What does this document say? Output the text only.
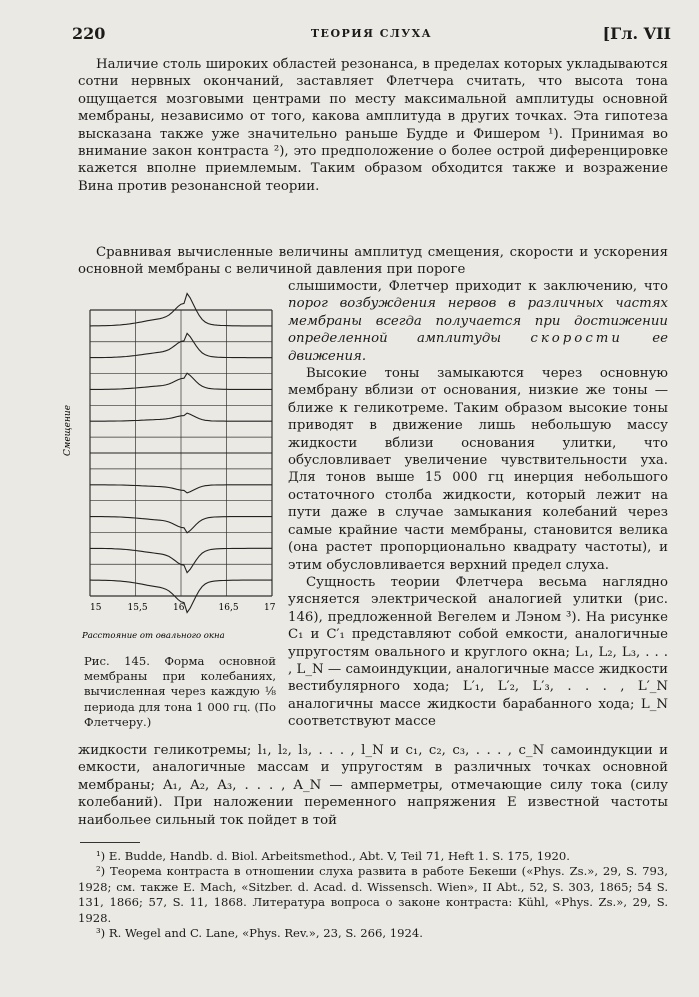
220	ТЕОРИЯ СЛУХА	[Гл. VII

Наличие столь широких областей резонанса, в пределах которых укладываются сотни нервных окончаний, заставляет Флетчера считать, что высота тона ощущается мозговыми центрами по месту максимальной амплитуды основной мембраны, независимо от того, какова амплитуда в других точках. Эта гипотеза высказана также уже значительно раньше Будде и Фишером ¹). Принимая во внимание закон контраста ²), это предположение о более острой диференцировке кажется вполне приемлемым. Таким образом обходится также и возражение Вина против резонансной теории.

Сравнивая вычисленные величины амплитуд смещения, скорости и ускорения основной мембраны с величиной давления при пороге

слышимости, Флетчер приходит к заключению, что порог возбуждения нервов в различных частях мембраны всегда получается при достижении определенной амплитуды скорости ее движения.

Высокие тоны замыкаются через основную мембрану вблизи от основания, низкие же тоны — ближе к геликотреме. Таким образом высокие тоны приводят в движение лишь небольшую массу жидкости вблизи основания улитки, что обусловливает увеличение чувствительности уха. Для тонов выше 15 000 гц инерция небольшого остаточного столба жидкости, который лежит на пути даже в случае замыкания колебаний через самые крайние части мембраны, становится велика (она растет пропорционально квадрату частоты), и этим обусловливается верхний предел слуха.

Сущность теории Флетчера весьма наглядно уясняется электрической аналогией улитки (рис. 146), предложенной Вегелем и Лэном ³). На рисунке C₁ и C′₁ представляют собой емкости, аналогичные упругостям овального и круглого окна; L₁, L₂, L₃, . . . , L_N — самоиндукции, аналогичные массе жидкости вестибулярного хода; L′₁, L′₂, L′₃, . . . , L′_N аналогичны массе жидкости барабанного хода; L_N соответствуют массе

Смещение
15	15,5	16	16,5	17
Расстояние от овального окна
Рис. 145. Форма основной мембраны при колебаниях, вычисленная через каждую ⅛ периода для тона 1 000 гц. (По Флетчеру.)
жидкости геликотремы; l₁, l₂, l₃, . . . , l_N и c₁, c₂, c₃, . . . , c_N самоиндукции и емкости, аналогичные массам и упругостям в различных точках основной мембраны; A₁, A₂, A₃, . . . , A_N — амперметры, отмечающие силу тока (силу колебаний). При наложении переменного напряжения E известной частоты наибольее сильный ток пойдет в той
¹) E. Budde, Handb. d. Biol. Arbeitsmethod., Abt. V, Teil 71, Heft 1. S. 175, 1920.
²) Теорема контраста в отношении слуха развита в работе Бекеши («Phys. Zs.», 29, S. 793, 1928; см. также E. Mach, «Sitzber. d. Acad. d. Wissensch. Wien», II Abt., 52, S. 303, 1865; 54 S. 131, 1866; 57, S. 11, 1868. Литература вопроса о законе контраста: Kühl, «Phys. Zs.», 29, S. 1928.
³) R. Wegel and C. Lane, «Phys. Rev.», 23, S. 266, 1924.
